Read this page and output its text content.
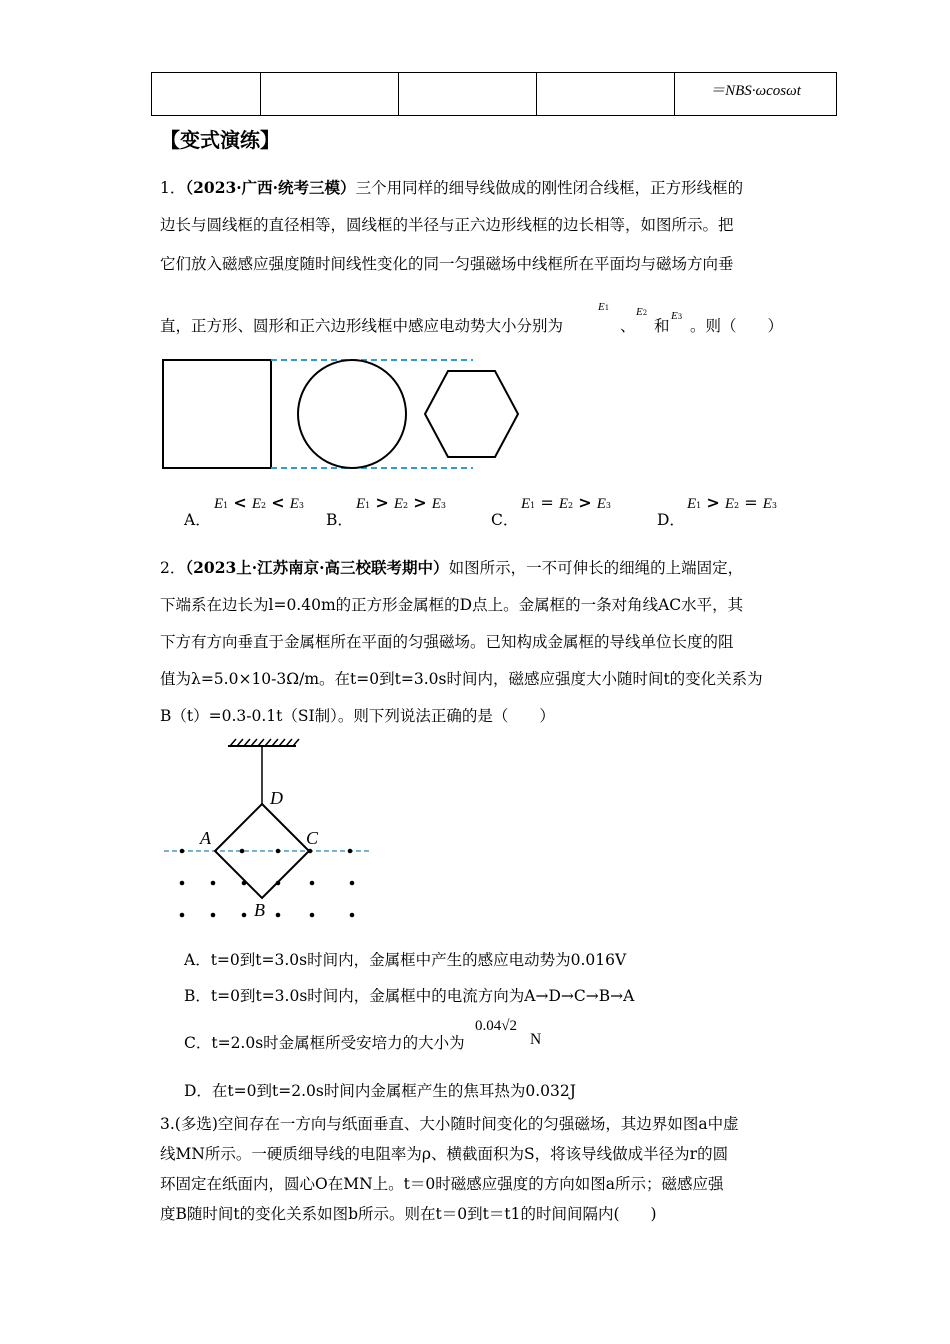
				＝NBS·ωcosωt
【变式演练】
1．（2023·广西·统考三模）三个用同样的细导线做成的刚性闭合线框，正方形线框的
边长与圆线框的直径相等，圆线框的半径与正六边形线框的边长相等，如图所示。把
它们放入磁感应强度随时间线性变化的同一匀强磁场中线框所在平面均与磁场方向垂
直，正方形、圆形和正六边形线框中感应电动势大小分别为
E1
、
E2
和
E3 。则（　　）
A．
E1 < E2 < E3
B．
E1 > E2 > E3
C．
E1 = E2 > E3
D．
E1 > E2 = E3
2．（2023上·江苏南京·高三校联考期中）如图所示，一不可伸长的细绳的上端固定，
下端系在边长为l=0.40m的正方形金属框的D点上。金属框的一条对角线AC水平，其
下方有方向垂直于金属框所在平面的匀强磁场。已知构成金属框的导线单位长度的阻
值为λ=5.0×10-3Ω/m。在t=0到t=3.0s时间内，磁感应强度大小随时间t的变化关系为
B（t）=0.3-0.1t（SI制）。则下列说法正确的是（　　）
D
A	C
B
A．t=0到t=3.0s时间内，金属框中产生的感应电动势为0.016V
B．t=0到t=3.0s时间内，金属框中的电流方向为A→D→C→B→A
C．t=2.0s时金属框所受安培力的大小为
0.04√2
N
D．在t=0到t=2.0s时间内金属框产生的焦耳热为0.032J
3.(多选)空间存在一方向与纸面垂直、大小随时间变化的匀强磁场，其边界如图a中虚
线MN所示。一硬质细导线的电阻率为ρ、横截面积为S，将该导线做成半径为r的圆
环固定在纸面内，圆心O在MN上。t＝0时磁感应强度的方向如图a所示；磁感应强
度B随时间t的变化关系如图b所示。则在t＝0到t＝t1的时间间隔内(　　)
